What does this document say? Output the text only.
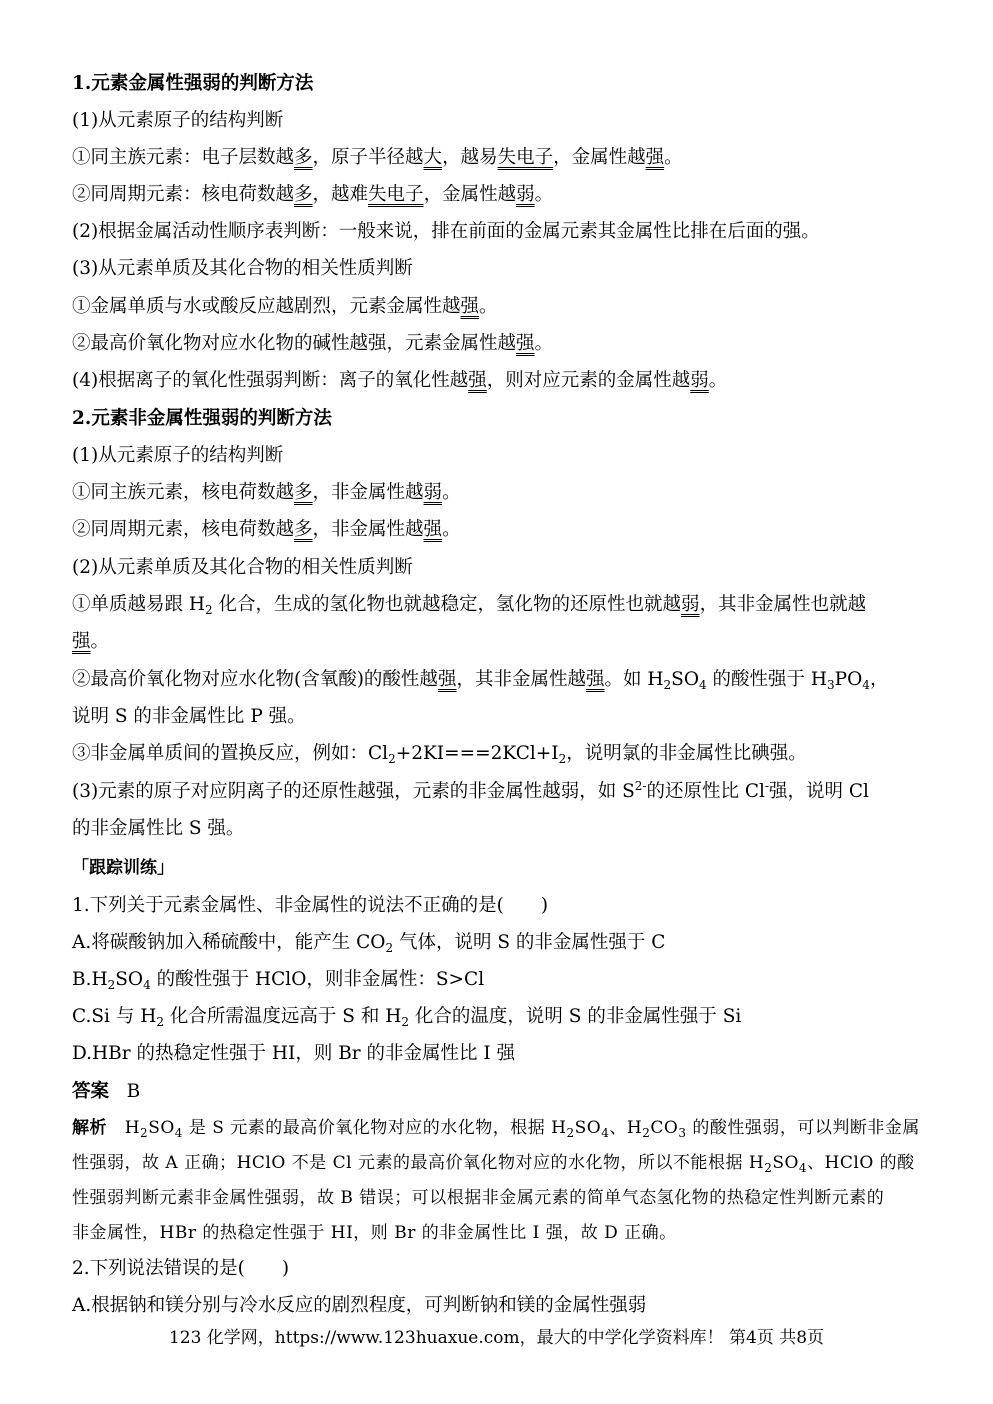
1.元素金属性强弱的判断方法
(1)从元素原子的结构判断
①同主族元素：电子层数越多，原子半径越大，越易失电子，金属性越强。
②同周期元素：核电荷数越多，越难失电子，金属性越弱。
(2)根据金属活动性顺序表判断：一般来说，排在前面的金属元素其金属性比排在后面的强。
(3)从元素单质及其化合物的相关性质判断
①金属单质与水或酸反应越剧烈，元素金属性越强。
②最高价氧化物对应水化物的碱性越强，元素金属性越强。
(4)根据离子的氧化性强弱判断：离子的氧化性越强，则对应元素的金属性越弱。
2.元素非金属性强弱的判断方法
(1)从元素原子的结构判断
①同主族元素，核电荷数越多，非金属性越弱。
②同周期元素，核电荷数越多，非金属性越强。
(2)从元素单质及其化合物的相关性质判断
①单质越易跟 $H_2$ 化合，生成的氢化物也就越稳定，氢化物的还原性也就越弱，其非金属性也就越
强。
②最高价氧化物对应水化物(含氧酸)的酸性越强，其非金属性越强。如 $H_2SO_4$ 的酸性强于 $H_3PO_4$，
说明 S 的非金属性比 P 强。
③非金属单质间的置换反应，例如：$Cl_2+2KI===2KCl+I_2$，说明氯的非金属性比碘强。
(3)元素的原子对应阴离子的还原性越强，元素的非金属性越弱，如 $S^{2-}$的还原性比 Cl-强，说明 Cl
的非金属性比 S 强。
「跟踪训练」
1.下列关于元素金属性、非金属性的说法不正确的是(　　)
A.将碳酸钠加入稀硫酸中，能产生 $CO_2$ 气体，说明 S 的非金属性强于 C
$B.H_2SO_4$ 的酸性强于 HClO，则非金属性：S>Cl
C.Si 与 $H_2$ 化合所需温度远高于 S 和 $H_2$ 化合的温度，说明 S 的非金属性强于 Si
D.HBr 的热稳定性强于 HI，则 Br 的非金属性比 I 强
答案 B
解析   $H_2SO_4$ 是 S 元素的最高价氧化物对应的水化物，根据 $H_2SO_4$、$H_2CO_3$ 的酸性强弱，可以判断非金属
性强弱，故 A 正确；HClO 不是 Cl 元素的最高价氧化物对应的水化物，所以不能根据 $H_2SO_4$、HClO 的酸
性强弱判断元素非金属性强弱，故 B 错误；可以根据非金属元素的简单气态氢化物的热稳定性判断元素的
非金属性，HBr 的热稳定性强于 HI，则 Br 的非金属性比 I 强，故 D 正确。
2.下列说法错误的是(　　)
A.根据钠和镁分别与冷水反应的剧烈程度，可判断钠和镁的金属性强弱
123 化学网，https://www.123huaxue.com，最大的中学化学资料库！ 第4页 共8页
